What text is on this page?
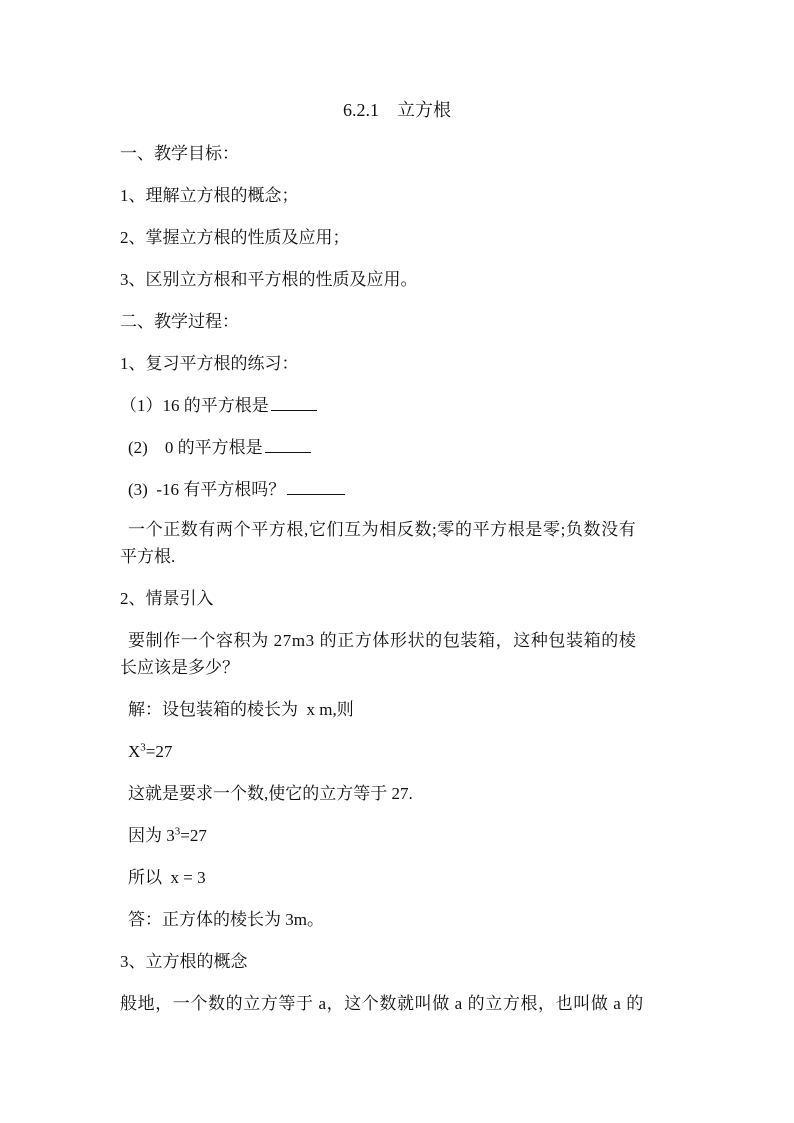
6.2.1    立方根
一、教学目标：
1、理解立方根的概念；
2、掌握立方根的性质及应用；
3、区别立方根和平方根的性质及应用。
二、教学过程：
1、复习平方根的练习：
（1）16 的平方根是
(2)    0 的平方根是
(3)  -16 有平方根吗？
一个正数有两个平方根,它们互为相反数;零的平方根是零;负数没有
平方根.
2、情景引入
要制作一个容积为 27m3 的正方体形状的包装箱，这种包装箱的棱
长应该是多少？
解：设包装箱的棱长为  x m,则
$X^3=27$
这就是要求一个数,使它的立方等于 27.
因为 $3^3=27$
所以  x = 3
答：正方体的棱长为 3m。
3、立方根的概念
般地，一个数的立方等于 a，这个数就叫做 a 的立方根，也叫做 a 的
